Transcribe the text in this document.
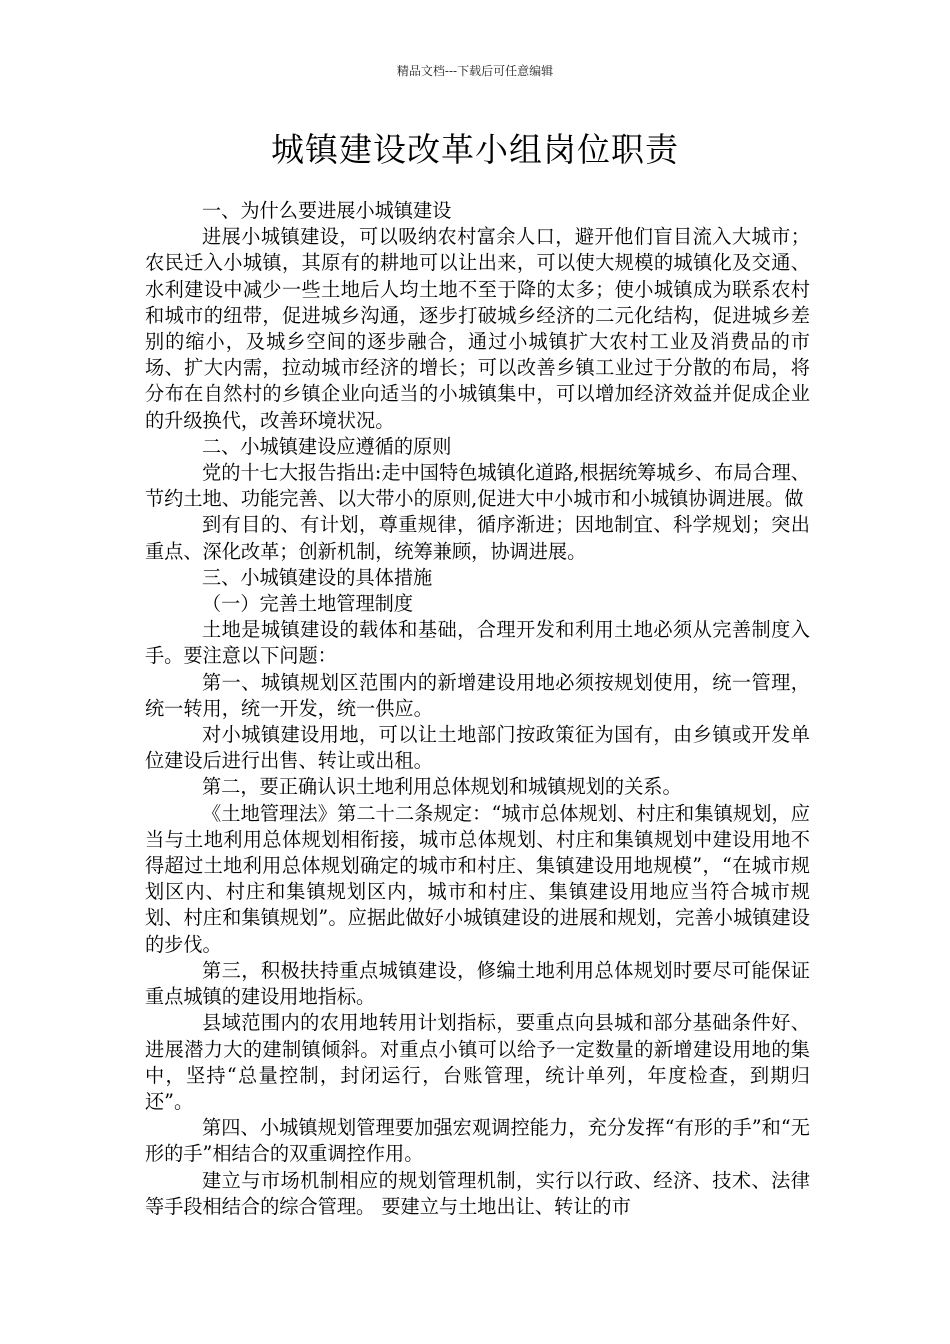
精品文档---下载后可任意编辑
城镇建设改革小组岗位职责

一、为什么要进展小城镇建设

进展小城镇建设，可以吸纳农村富余人口，避开他们盲目流入大城市；农民迁入小城镇，其原有的耕地可以让出来，可以使大规模的城镇化及交通、水利建设中减少一些土地后人均土地不至于降的太多；使小城镇成为联系农村和城市的纽带，促进城乡沟通，逐步打破城乡经济的二元化结构，促进城乡差别的缩小，及城乡空间的逐步融合，通过小城镇扩大农村工业及消费品的市场、扩大内需，拉动城市经济的增长；可以改善乡镇工业过于分散的布局，将分布在自然村的乡镇企业向适当的小城镇集中，可以增加经济效益并促成企业的升级换代，改善环境状况。

二、小城镇建设应遵循的原则

党的十七大报告指出:走中国特色城镇化道路,根据统筹城乡、布局合理、节约土地、功能完善、以大带小的原则,促进大中小城市和小城镇协调进展。做

到有目的、有计划，尊重规律，循序渐进；因地制宜、科学规划；突出重点、深化改革；创新机制，统筹兼顾，协调进展。

三、小城镇建设的具体措施

（一）完善土地管理制度

土地是城镇建设的载体和基础，合理开发和利用土地必须从完善制度入手。要注意以下问题：

第一、城镇规划区范围内的新增建设用地必须按规划使用，统一管理，统一转用，统一开发，统一供应。

对小城镇建设用地，可以让土地部门按政策征为国有，由乡镇或开发单位建设后进行出售、转让或出租。

第二，要正确认识土地利用总体规划和城镇规划的关系。

《土地管理法》第二十二条规定：“城市总体规划、村庄和集镇规划，应当与土地利用总体规划相衔接，城市总体规划、村庄和集镇规划中建设用地不得超过土地利用总体规划确定的城市和村庄、集镇建设用地规模”，“在城市规划区内、村庄和集镇规划区内，城市和村庄、集镇建设用地应当符合城市规划、村庄和集镇规划”。应据此做好小城镇建设的进展和规划，完善小城镇建设的步伐。

第三，积极扶持重点城镇建设，修编土地利用总体规划时要尽可能保证重点城镇的建设用地指标。

县域范围内的农用地转用计划指标，要重点向县城和部分基础条件好、进展潜力大的建制镇倾斜。对重点小镇可以给予一定数量的新增建设用地的集中，坚持“总量控制，封闭运行，台账管理，统计单列，年度检查，到期归还”。

第四、小城镇规划管理要加强宏观调控能力，充分发挥“有形的手”和“无形的手”相结合的双重调控作用。

建立与市场机制相应的规划管理机制，实行以行政、经济、技术、法律等手段相结合的综合管理。 要建立与土地出让、转让的市
